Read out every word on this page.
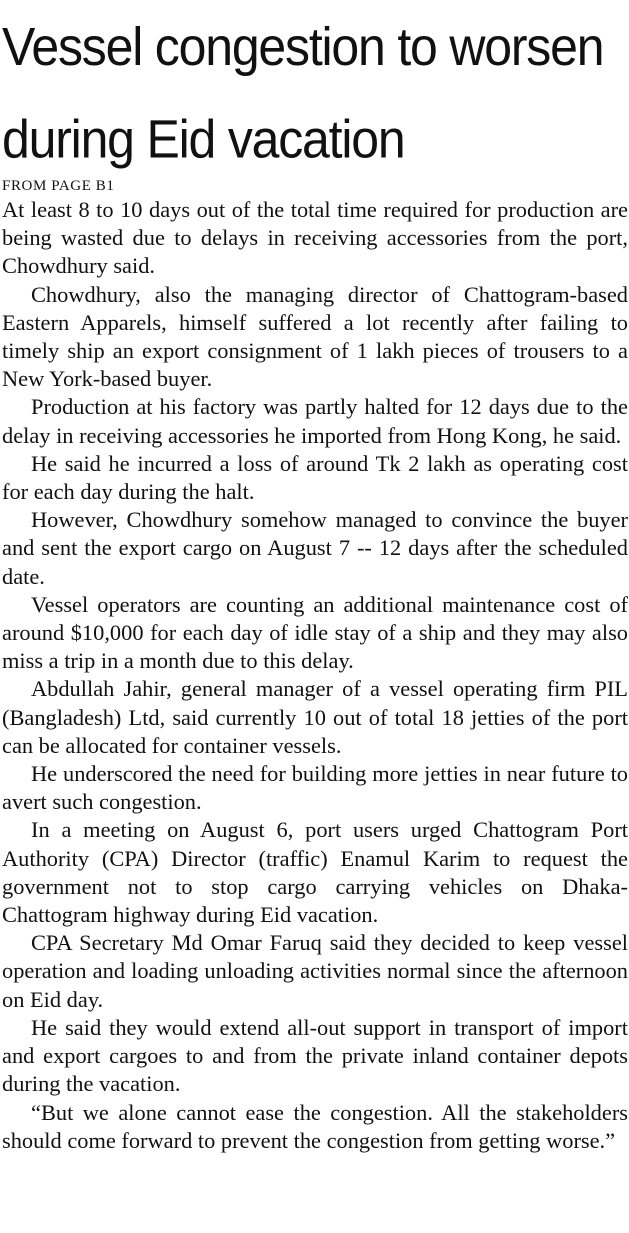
Vessel congestion to worsen
during Eid vacation
FROM PAGE B1

At least 8 to 10 days out of the total time required for production are being wasted due to delays in receiving accessories from the port, Chowdhury said.

Chowdhury, also the managing director of Chattogram-based Eastern Apparels, himself suffered a lot recently after failing to timely ship an export consignment of 1 lakh pieces of trousers to a New York-based buyer.

Production at his factory was partly halted for 12 days due to the delay in receiving accessories he imported from Hong Kong, he said.

He said he incurred a loss of around Tk 2 lakh as operating cost for each day during the halt.

However, Chowdhury somehow managed to convince the buyer and sent the export cargo on August 7 -- 12 days after the scheduled date.

Vessel operators are counting an additional maintenance cost of around $10,000 for each day of idle stay of a ship and they may also miss a trip in a month due to this delay.

Abdullah Jahir, general manager of a vessel operating firm PIL (Bangladesh) Ltd, said currently 10 out of total 18 jetties of the port can be allocated for container vessels.

He underscored the need for building more jetties in near future to avert such congestion.

In a meeting on August 6, port users urged Chattogram Port Authority (CPA) Director (traffic) Enamul Karim to request the government not to stop cargo carrying vehicles on Dhaka-Chattogram highway during Eid vacation.

CPA Secretary Md Omar Faruq said they decided to keep vessel operation and loading unloading activities normal since the afternoon on Eid day.

He said they would extend all-out support in transport of import and export cargoes to and from the private inland container depots during the vacation.

“But we alone cannot ease the congestion. All the stakeholders should come forward to prevent the congestion from getting worse.”
